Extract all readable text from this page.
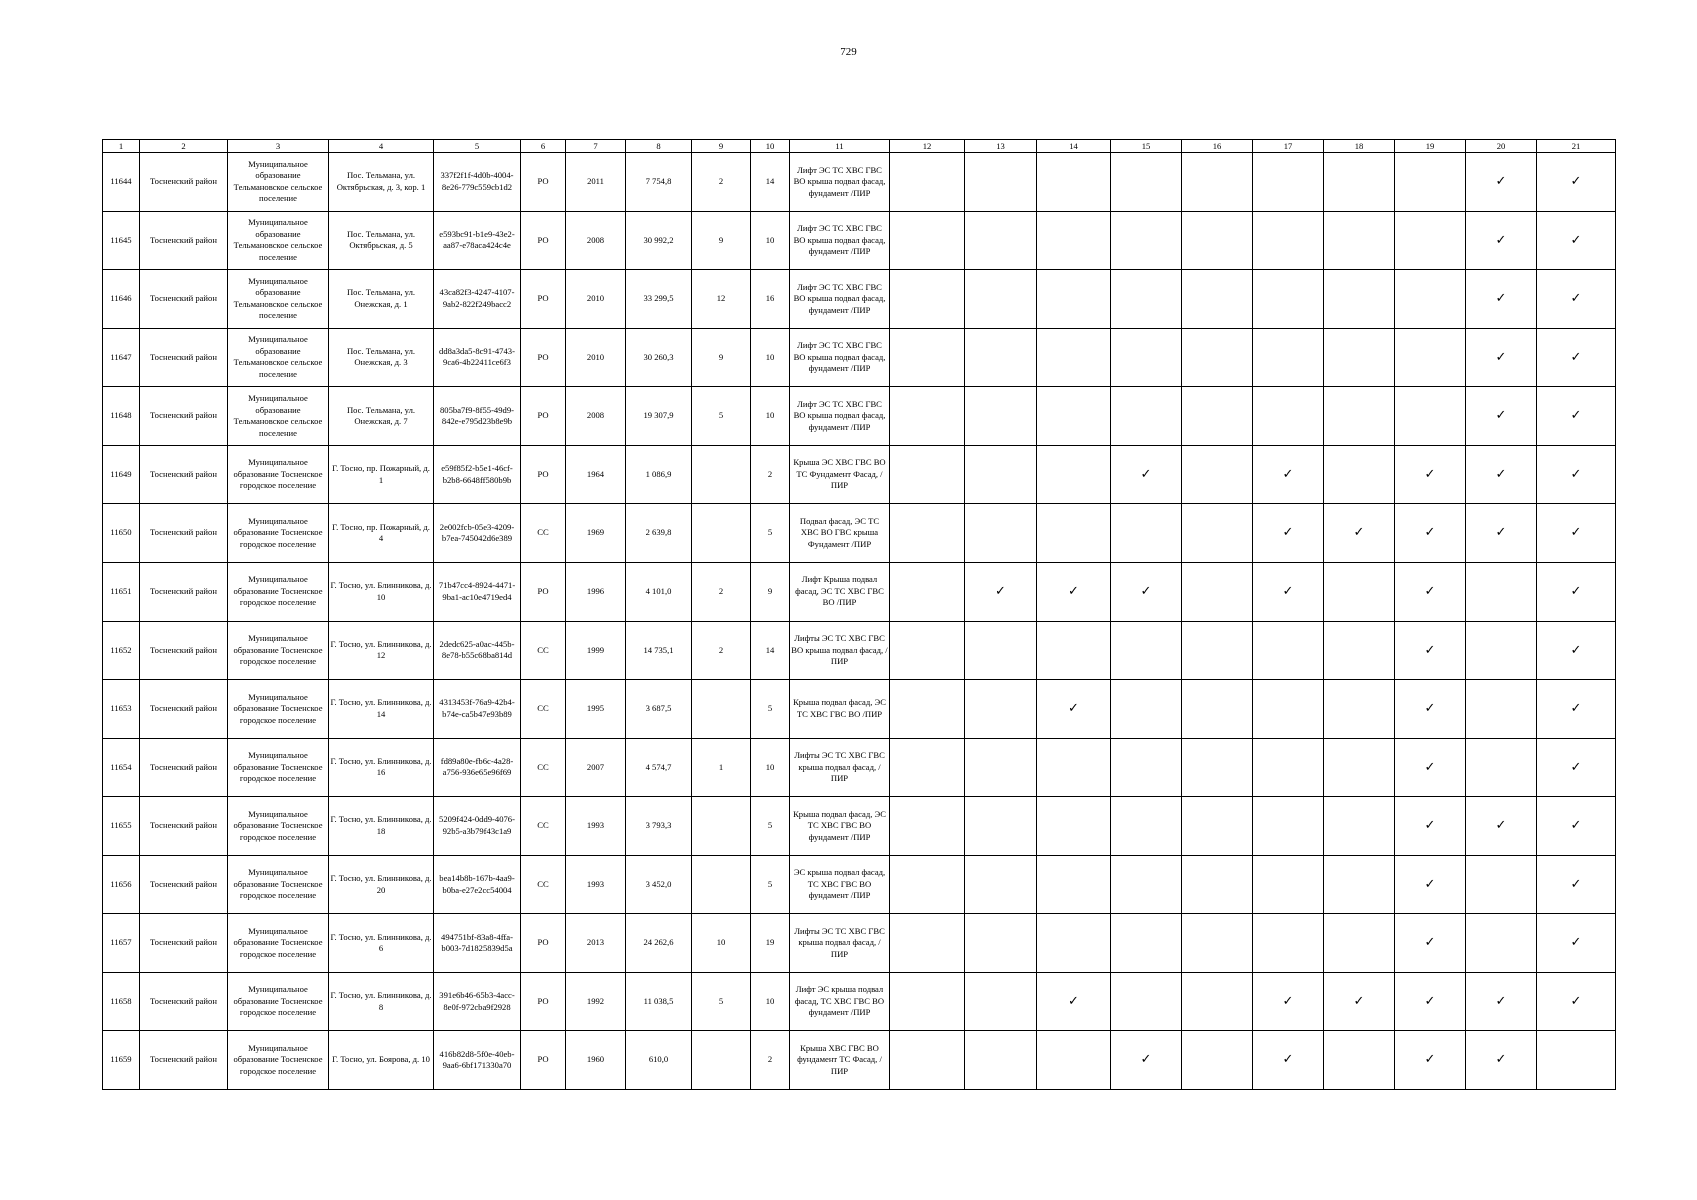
729
1	2	3	4	5	6	7	8	9	10	11	12	13	14	15	16	17	18	19	20	21
11644	Тосненский район	Муниципальное образование Тельмановское сельское поселение	Пос. Тельмана, ул. Октябрьская, д. 3, кор. 1	337f2f1f-4d0b-4004-8e26-779c559cb1d2	РО	2011	7 754,8	2	14	Лифт ЭС ТС ХВС ГВС ВО крыша подвал фасад, фундамент /ПИР									✓	✓
11645	Тосненский район	Муниципальное образование Тельмановское сельское поселение	Пос. Тельмана, ул. Октябрьская, д. 5	e593bc91-b1e9-43e2-aa87-e78aca424c4e	РО	2008	30 992,2	9	10	Лифт ЭС ТС ХВС ГВС ВО крыша подвал фасад, фундамент /ПИР									✓	✓
11646	Тосненский район	Муниципальное образование Тельмановское сельское поселение	Пос. Тельмана, ул. Онежская, д. 1	43ca82f3-4247-4107-9ab2-822f249bacc2	РО	2010	33 299,5	12	16	Лифт ЭС ТС ХВС ГВС ВО крыша подвал фасад, фундамент /ПИР									✓	✓
11647	Тосненский район	Муниципальное образование Тельмановское сельское поселение	Пос. Тельмана, ул. Онежская, д. 3	dd8a3da5-8c91-4743-9ca6-4b22411ce6f3	РО	2010	30 260,3	9	10	Лифт ЭС ТС ХВС ГВС ВО крыша подвал фасад, фундамент /ПИР									✓	✓
11648	Тосненский район	Муниципальное образование Тельмановское сельское поселение	Пос. Тельмана, ул. Онежская, д. 7	805ba7f9-8f55-49d9-842e-e795d23b8e9b	РО	2008	19 307,9	5	10	Лифт ЭС ТС ХВС ГВС ВО крыша подвал фасад, фундамент /ПИР									✓	✓
11649	Тосненский район	Муниципальное образование Тосненское городское поселение	Г. Тосно, пр. Пожарный, д. 1	e59f85f2-b5e1-46cf-b2b8-6648ff580b9b	РО	1964	1 086,9		2	Крыша ЭС ХВС ГВС ВО ТС Фундамент Фасад, /ПИР				✓		✓		✓	✓	✓
11650	Тосненский район	Муниципальное образование Тосненское городское поселение	Г. Тосно, пр. Пожарный, д. 4	2e002fcb-05e3-4209-b7ea-745042d6e389	СС	1969	2 639,8		5	Подвал фасад, ЭС ТС ХВС ВО ГВС крыша Фундамент /ПИР						✓	✓	✓	✓	✓
11651	Тосненский район	Муниципальное образование Тосненское городское поселение	Г. Тосно, ул. Блинникова, д. 10	71b47cc4-8924-4471-9ba1-ac10e4719ed4	РО	1996	4 101,0	2	9	Лифт Крыша подвал фасад, ЭС ТС ХВС ГВС ВО /ПИР		✓	✓	✓		✓		✓		✓
11652	Тосненский район	Муниципальное образование Тосненское городское поселение	Г. Тосно, ул. Блинникова, д. 12	2dedc625-a0ac-445b-8e78-b55c68ba814d	СС	1999	14 735,1	2	14	Лифты ЭС ТС ХВС ГВС ВО крыша подвал фасад, /ПИР								✓		✓
11653	Тосненский район	Муниципальное образование Тосненское городское поселение	Г. Тосно, ул. Блинникова, д. 14	4313453f-76a9-42b4-b74e-ca5b47e93b89	СС	1995	3 687,5		5	Крыша подвал фасад, ЭС ТС ХВС ГВС ВО /ПИР			✓					✓		✓
11654	Тосненский район	Муниципальное образование Тосненское городское поселение	Г. Тосно, ул. Блинникова, д. 16	fd89a80e-fb6c-4a28-a756-936e65e96f69	СС	2007	4 574,7	1	10	Лифты ЭС ТС ХВС ГВС крыша подвал фасад, /ПИР								✓		✓
11655	Тосненский район	Муниципальное образование Тосненское городское поселение	Г. Тосно, ул. Блинникова, д. 18	5209f424-0dd9-4076-92b5-a3b79f43c1a9	СС	1993	3 793,3		5	Крыша подвал фасад, ЭС ТС ХВС ГВС ВО фундамент /ПИР								✓	✓	✓
11656	Тосненский район	Муниципальное образование Тосненское городское поселение	Г. Тосно, ул. Блинникова, д. 20	bea14b8b-167b-4aa9-b0ba-e27e2cc54004	СС	1993	3 452,0		5	ЭС крыша подвал фасад, ТС ХВС ГВС ВО фундамент /ПИР								✓		✓
11657	Тосненский район	Муниципальное образование Тосненское городское поселение	Г. Тосно, ул. Блинникова, д. 6	494751bf-83a8-4ffa-b003-7d1825839d5a	РО	2013	24 262,6	10	19	Лифты ЭС ТС ХВС ГВС крыша подвал фасад, /ПИР								✓		✓
11658	Тосненский район	Муниципальное образование Тосненское городское поселение	Г. Тосно, ул. Блинникова, д. 8	391e6b46-65b3-4acc-8e0f-972cba9f2928	РО	1992	11 038,5	5	10	Лифт ЭС крыша подвал фасад, ТС ХВС ГВС ВО фундамент /ПИР			✓			✓	✓	✓	✓	✓
11659	Тосненский район	Муниципальное образование Тосненское городское поселение	Г. Тосно, ул. Боярова, д. 10	416b82d8-5f0e-40eb-9aa6-6bf171330a70	РО	1960	610,0		2	Крыша ХВС ГВС ВО фундамент ТС Фасад, /ПИР				✓		✓		✓	✓	
